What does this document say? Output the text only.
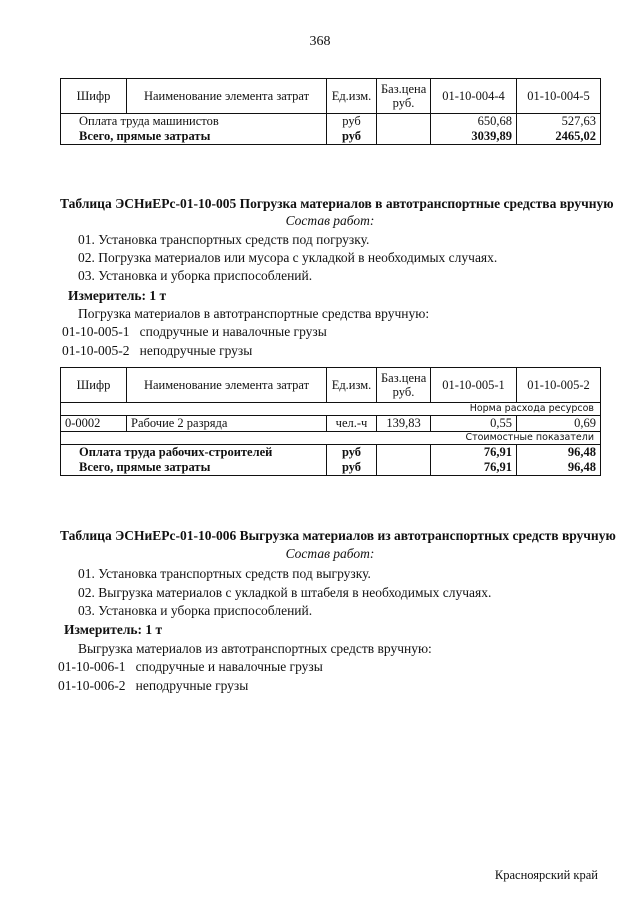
368
Шифр	Наименование элемента затрат	Ед.изм.	Баз.цена руб.	01-10-004-4	01-10-004-5
Оплата труда машинистов		руб		650,68	527,63
Всего, прямые затраты		руб		3039,89	2465,02
Таблица ЭСНиЕРс-01-10-005 Погрузка материалов в автотранспортные средства вручную
Состав работ:
01. Установка транспортных средств под погрузку.
02. Погрузка материалов или мусора с укладкой в необходимых случаях.
03. Установка и уборка приспособлений.
Измеритель: 1 т
Погрузка материалов в автотранспортные средства вручную:
01-10-005-1 сподручные и навалочные грузы
01-10-005-2 неподручные грузы
Шифр	Наименование элемента затрат	Ед.изм.	Баз.цена руб.	01-10-005-1	01-10-005-2
Норма расхода ресурсов					
0-0002	Рабочие 2 разряда	чел.-ч	139,83	0,55	0,69
Стоимостные показатели					
Оплата труда рабочих-строителей		руб		76,91	96,48
Всего, прямые затраты		руб		76,91	96,48
Таблица ЭСНиЕРс-01-10-006 Выгрузка материалов из автотранспортных средств вручную
Состав работ:
01. Установка транспортных средств под выгрузку.
02. Выгрузка материалов с укладкой в штабеля в необходимых случаях.
03. Установка и уборка приспособлений.
Измеритель: 1 т
Выгрузка материалов из автотранспортных средств вручную:
01-10-006-1 сподручные и навалочные грузы
01-10-006-2 неподручные грузы
Красноярский край
